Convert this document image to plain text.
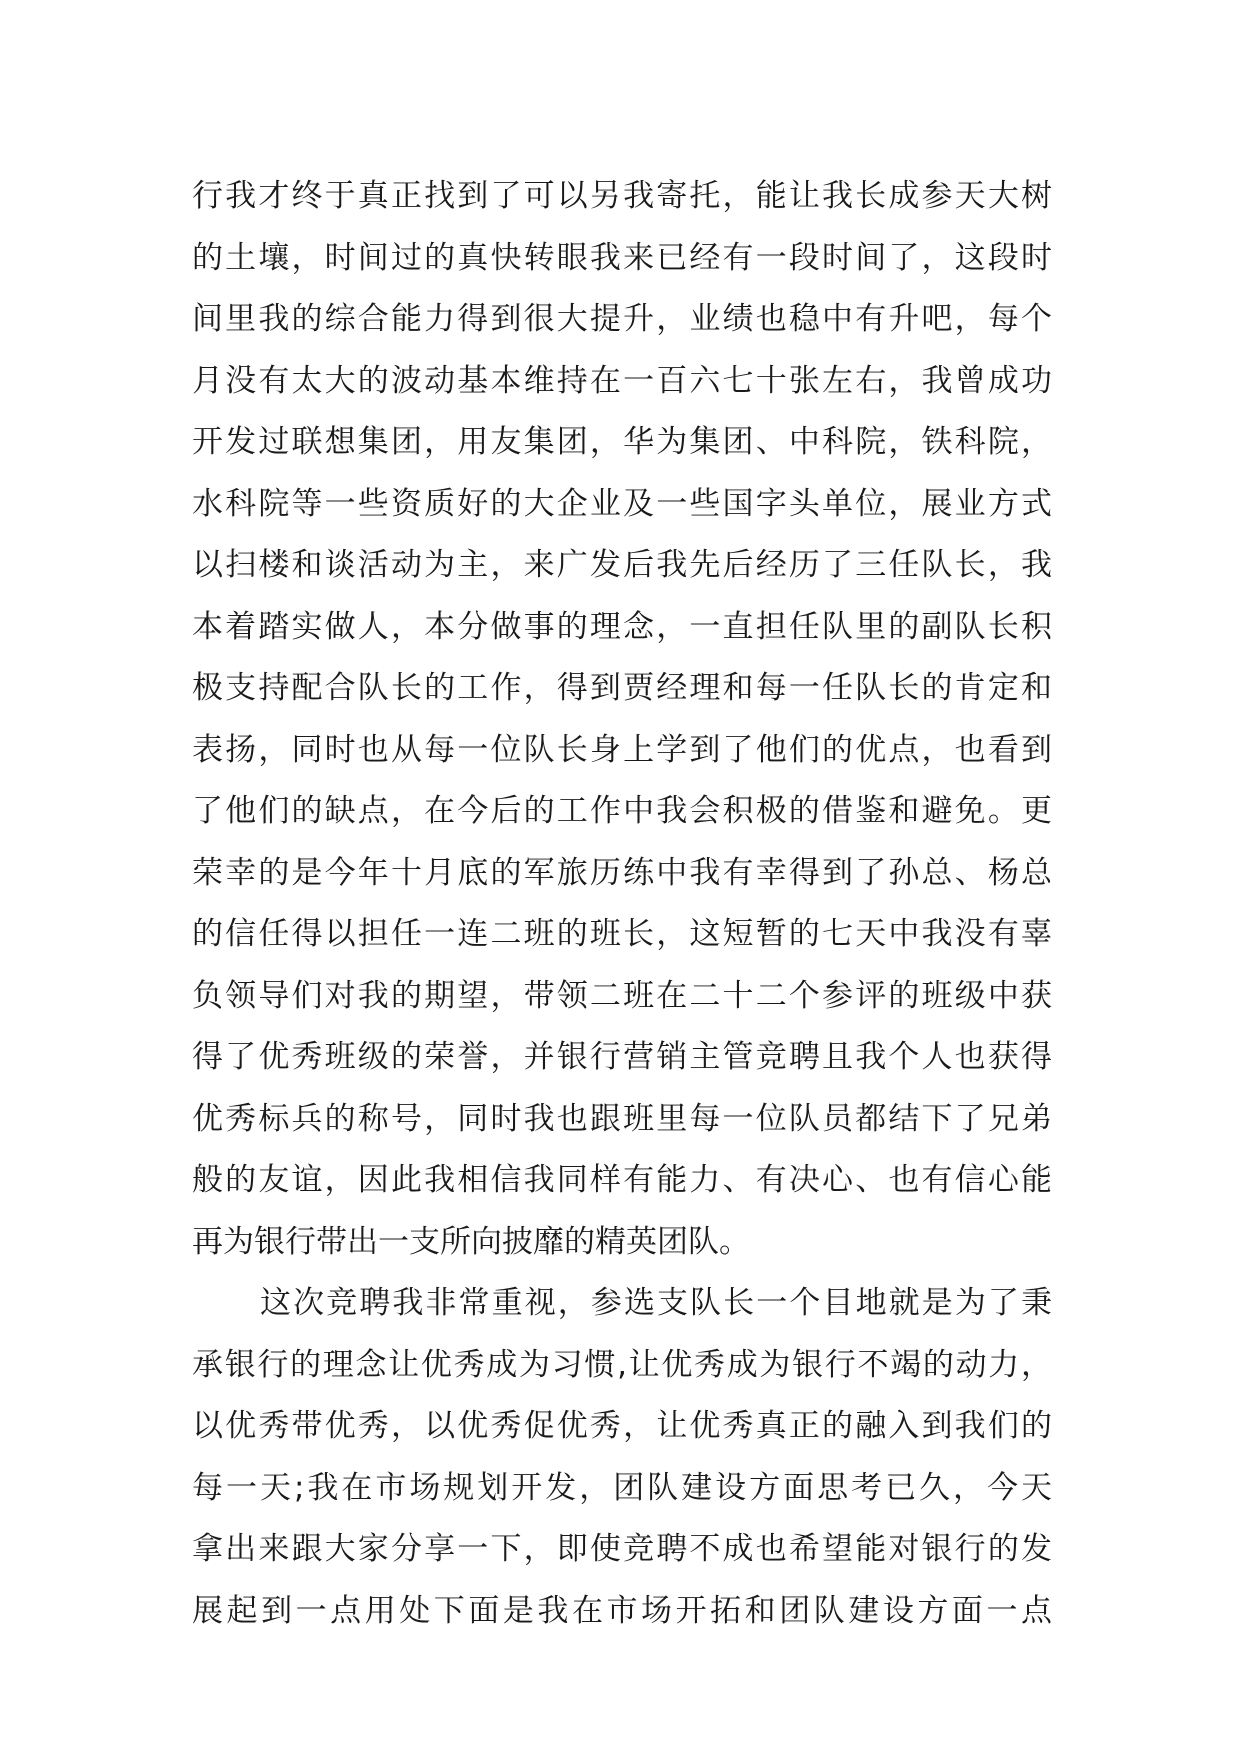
行我才终于真正找到了可以另我寄托，能让我长成参天大树
的土壤，时间过的真快转眼我来已经有一段时间了，这段时
间里我的综合能力得到很大提升，业绩也稳中有升吧，每个
月没有太大的波动基本维持在一百六七十张左右，我曾成功
开发过联想集团，用友集团，华为集团、中科院，铁科院，
水科院等一些资质好的大企业及一些国字头单位，展业方式
以扫楼和谈活动为主，来广发后我先后经历了三任队长，我
本着踏实做人，本分做事的理念，一直担任队里的副队长积
极支持配合队长的工作，得到贾经理和每一任队长的肯定和
表扬，同时也从每一位队长身上学到了他们的优点，也看到
了他们的缺点，在今后的工作中我会积极的借鉴和避免。更
荣幸的是今年十月底的军旅历练中我有幸得到了孙总、杨总
的信任得以担任一连二班的班长，这短暂的七天中我没有辜
负领导们对我的期望，带领二班在二十二个参评的班级中获
得了优秀班级的荣誉，并银行营销主管竞聘且我个人也获得
优秀标兵的称号，同时我也跟班里每一位队员都结下了兄弟
般的友谊，因此我相信我同样有能力、有决心、也有信心能
再为银行带出一支所向披靡的精英团队。
这次竞聘我非常重视，参选支队长一个目地就是为了秉
承银行的理念让优秀成为习惯,让优秀成为银行不竭的动力，
以优秀带优秀，以优秀促优秀，让优秀真正的融入到我们的
每一天;我在市场规划开发，团队建设方面思考已久，今天
拿出来跟大家分享一下，即使竞聘不成也希望能对银行的发
展起到一点用处下面是我在市场开拓和团队建设方面一点
